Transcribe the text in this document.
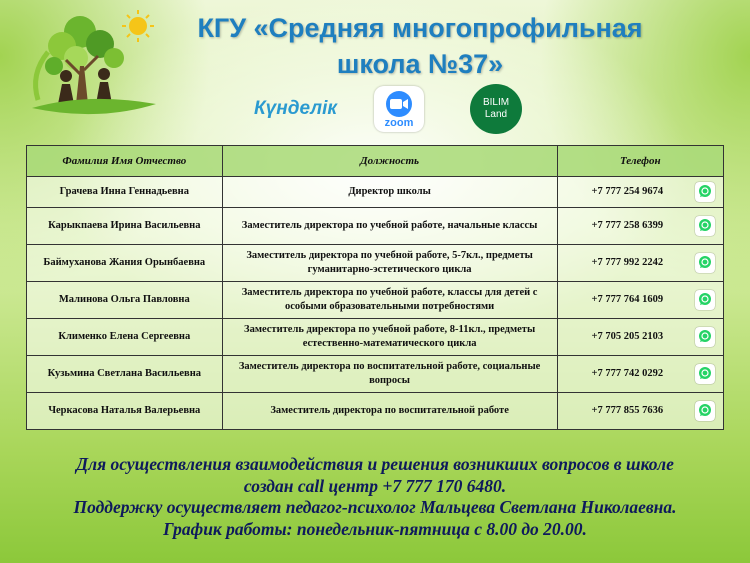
КГУ «Средняя многопрофильная
школа №37»
Күнделік
zoom
BILIM
Land
Фамилия Имя Отчество	Должность	Телефон
Грачева Инна Геннадьевна	Директор школы	+7 777 254 9674

Карыкпаева Ирина Васильевна	Заместитель директора по учебной работе, начальные классы	+7 777 258 6399

Баймуханова Жания Орынбаевна	Заместитель директора по учебной работе, 5-7кл., предметы гуманитарно-эстетического цикла	+7 777 992 2242

Малинова Ольга Павловна	Заместитель директора по учебной работе, классы для детей с особыми образовательными потребностями	+7 777 764 1609

Клименко Елена Сергеевна	Заместитель директора по учебной работе, 8-11кл., предметы естественно-математического цикла	+7 705 205 2103

Кузьмина Светлана Васильевна	Заместитель директора по воспитательной работе, социальные вопросы	+7 777 742 0292

Черкасова Наталья Валерьевна	Заместитель директора по воспитательной работе	+7 777 855 7636
Для осуществления взаимодействия и решения возникших вопросов в школе
создан call центр +7 777 170 6480.
Поддержку осуществляет педагог-психолог Мальцева Светлана Николаевна.
График работы: понедельник-пятница с 8.00 до 20.00.
